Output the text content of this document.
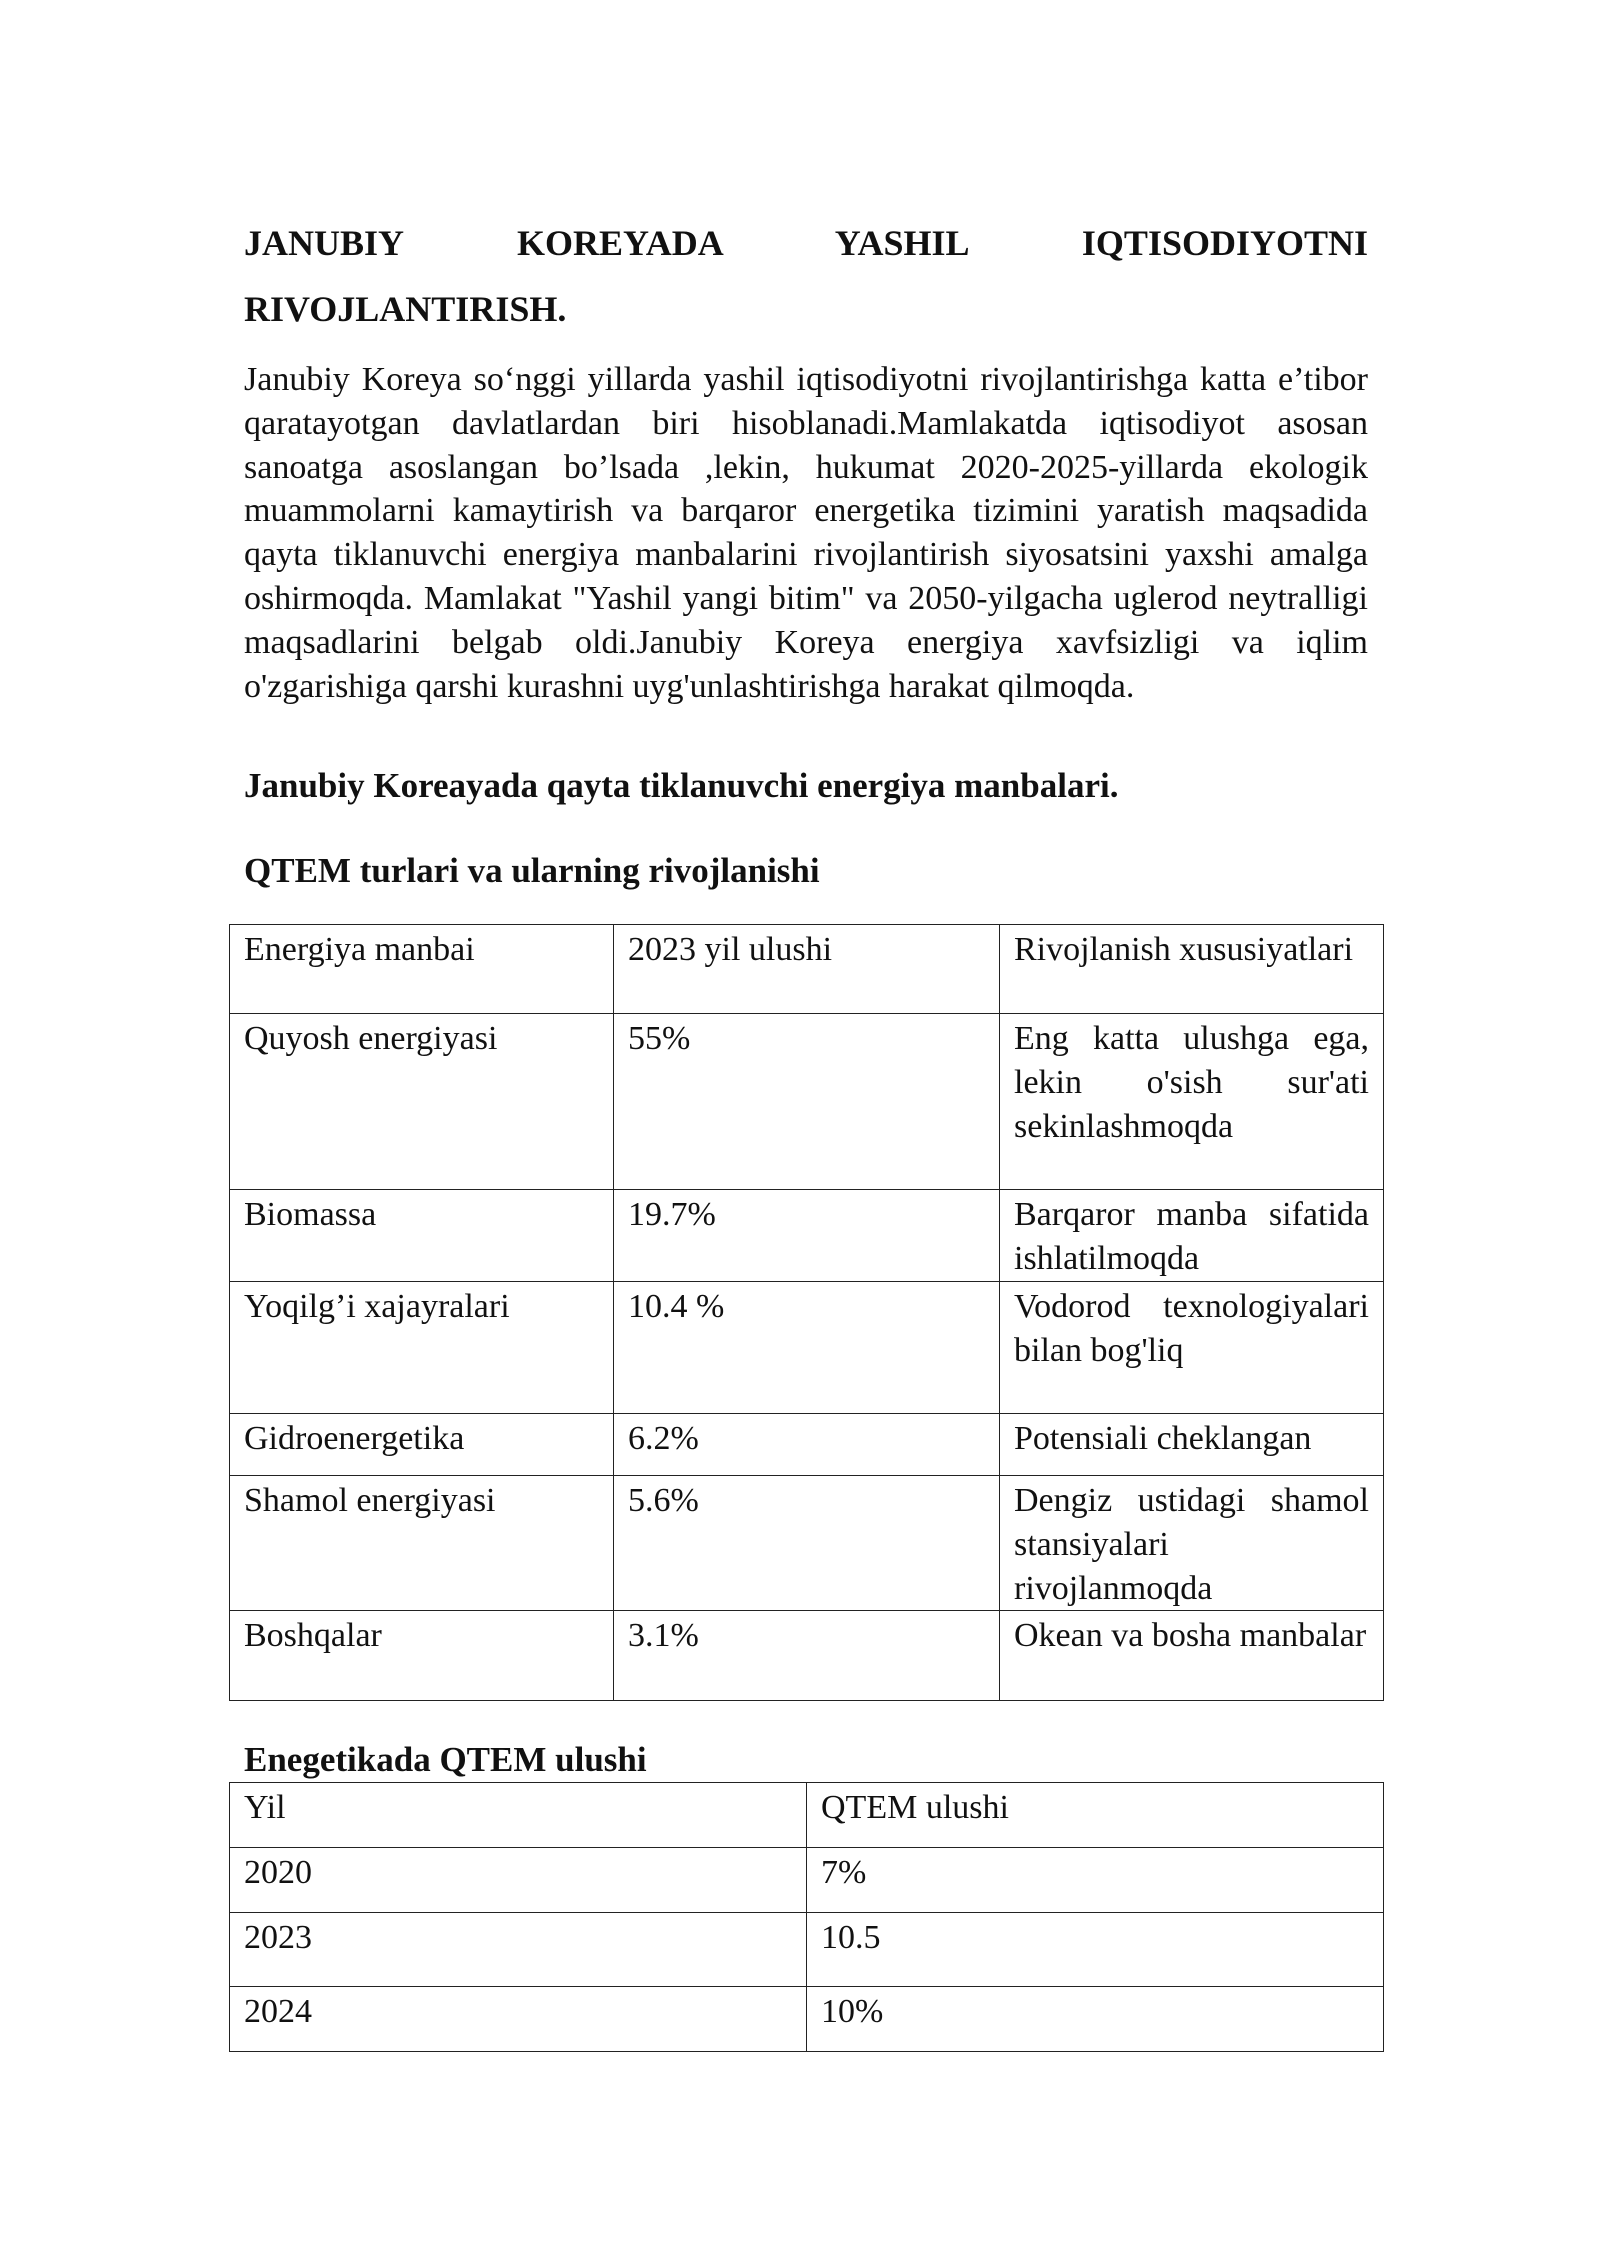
JANUBIY KOREYADA YASHIL IQTISODIYOTNI RIVOJLANTIRISH.

Janubiy Koreya so‘nggi yillarda yashil iqtisodiyotni rivojlantirishga katta e’tibor qaratayotgan davlatlardan biri hisoblanadi.Mamlakatda iqtisodiyot asosan sanoatga asoslangan bo’lsada ,lekin, hukumat 2020-2025-yillarda ekologik muammolarni kamaytirish va barqaror energetika tizimini yaratish maqsadida qayta tiklanuvchi energiya manbalarini rivojlantirish siyosatsini yaxshi amalga oshirmoqda. Mamlakat "Yashil yangi bitim" va 2050-yilgacha uglerod neytralligi maqsadlarini belgab oldi.Janubiy Koreya energiya xavfsizligi va iqlim o'zgarishiga qarshi kurashni uyg'unlashtirishga harakat qilmoqda.

Janubiy Koreayada qayta tiklanuvchi energiya manbalari.
QTEM turlari va ularning rivojlanishi
Energiya manbai	2023 yil ulushi	Rivojlanish xususiyatlari
Quyosh energiyasi	55%	Eng katta ulushga ega, lekin o'sish sur'ati sekinlashmoqda
Biomassa	19.7%	Barqaror manba sifatida ishlatilmoqda
Yoqilg’i xajayralari	10.4 %	Vodorod texnologiyalari bilan bog'liq
Gidroenergetika	6.2%	Potensiali cheklangan
Shamol energiyasi	5.6%	Dengiz ustidagi shamol stansiyalari rivojlanmoqda
Boshqalar	3.1%	Okean va bosha manbalar
Enegetikada QTEM ulushi
Yil	QTEM ulushi
2020	7%
2023	10.5
2024	10%
